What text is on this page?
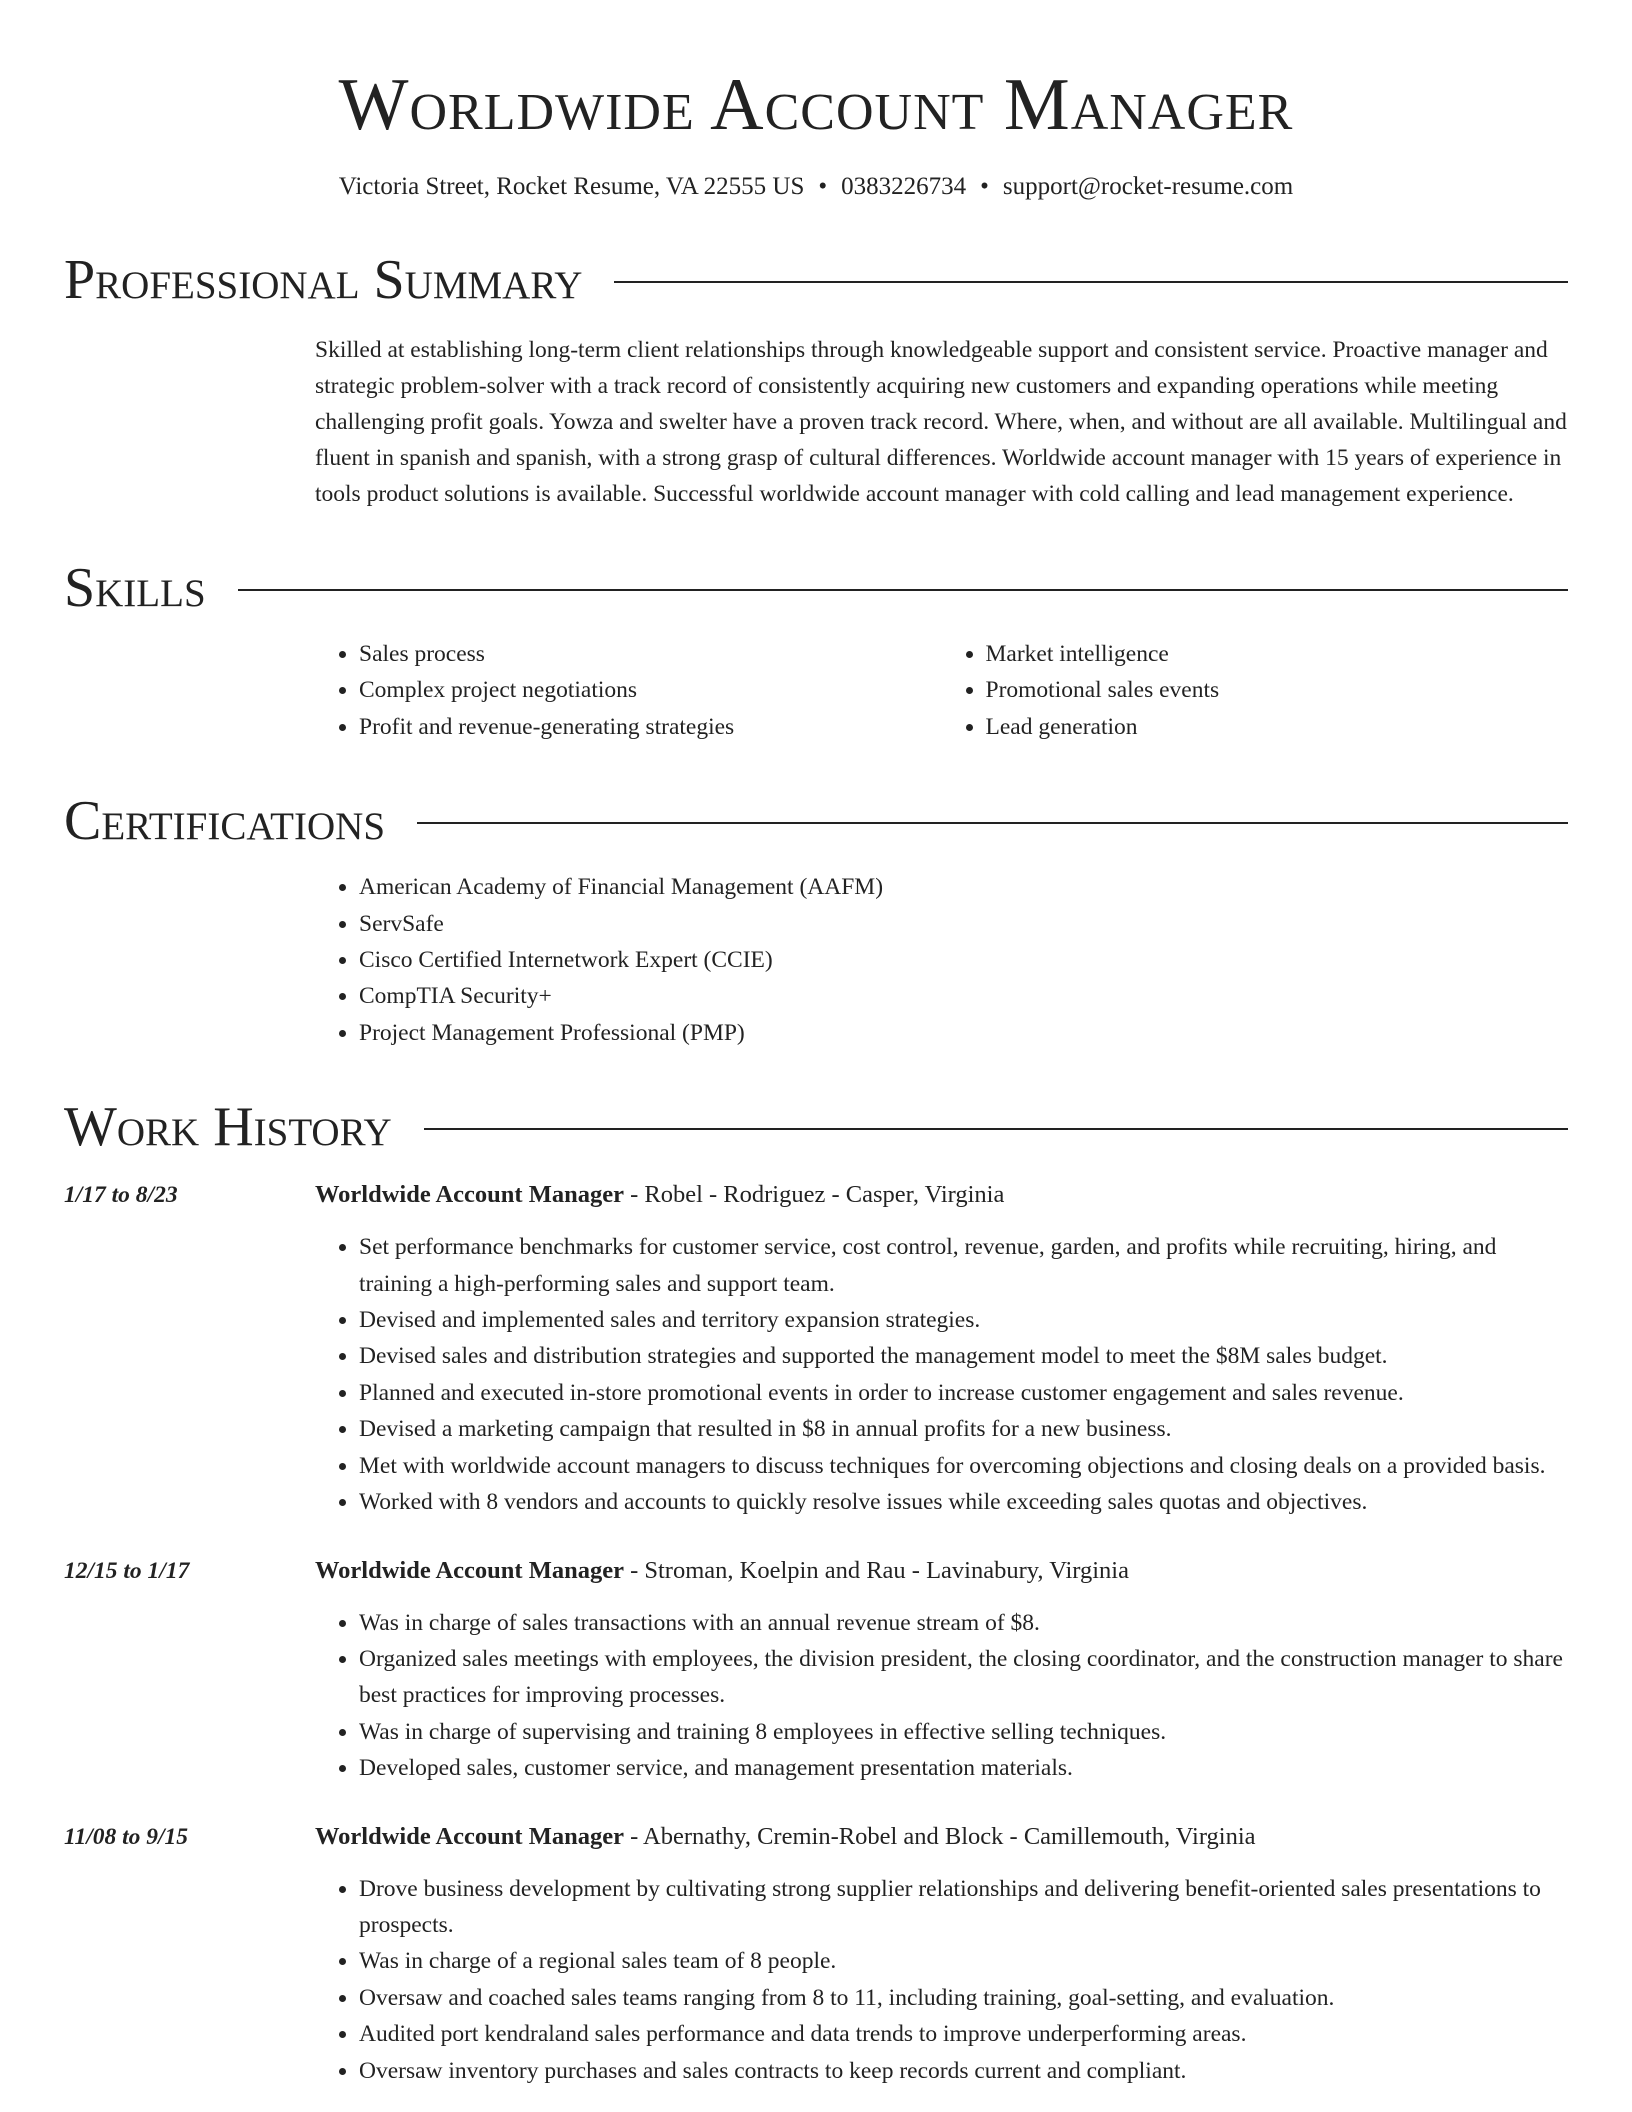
Worldwide Account Manager
Victoria Street, Rocket Resume, VA 22555 US • 0383226734 • support@rocket-resume.com
Professional Summary
Skilled at establishing long-term client relationships through knowledgeable support and consistent service. Proactive manager and strategic problem-solver with a track record of consistently acquiring new customers and expanding operations while meeting challenging profit goals. Yowza and swelter have a proven track record. Where, when, and without are all available. Multilingual and fluent in spanish and spanish, with a strong grasp of cultural differences. Worldwide account manager with 15 years of experience in tools product solutions is available. Successful worldwide account manager with cold calling and lead management experience.
Skills
• Sales process
• Complex project negotiations
• Profit and revenue-generating strategies
• Market intelligence
• Promotional sales events
• Lead generation
Certifications
• American Academy of Financial Management (AAFM)
• ServSafe
• Cisco Certified Internetwork Expert (CCIE)
• CompTIA Security+
• Project Management Professional (PMP)
Work History
1/17 to 8/23	Worldwide Account Manager - Robel - Rodriguez - Casper, Virginia
• Set performance benchmarks for customer service, cost control, revenue, garden, and profits while recruiting, hiring, and training a high-performing sales and support team.
• Devised and implemented sales and territory expansion strategies.
• Devised sales and distribution strategies and supported the management model to meet the $8M sales budget.
• Planned and executed in-store promotional events in order to increase customer engagement and sales revenue.
• Devised a marketing campaign that resulted in $8 in annual profits for a new business.
• Met with worldwide account managers to discuss techniques for overcoming objections and closing deals on a provided basis.
• Worked with 8 vendors and accounts to quickly resolve issues while exceeding sales quotas and objectives.
12/15 to 1/17	Worldwide Account Manager - Stroman, Koelpin and Rau - Lavinabury, Virginia
• Was in charge of sales transactions with an annual revenue stream of $8.
• Organized sales meetings with employees, the division president, the closing coordinator, and the construction manager to share best practices for improving processes.
• Was in charge of supervising and training 8 employees in effective selling techniques.
• Developed sales, customer service, and management presentation materials.
11/08 to 9/15	Worldwide Account Manager - Abernathy, Cremin-Robel and Block - Camillemouth, Virginia
• Drove business development by cultivating strong supplier relationships and delivering benefit-oriented sales presentations to prospects.
• Was in charge of a regional sales team of 8 people.
• Oversaw and coached sales teams ranging from 8 to 11, including training, goal-setting, and evaluation.
• Audited port kendraland sales performance and data trends to improve underperforming areas.
• Oversaw inventory purchases and sales contracts to keep records current and compliant.
